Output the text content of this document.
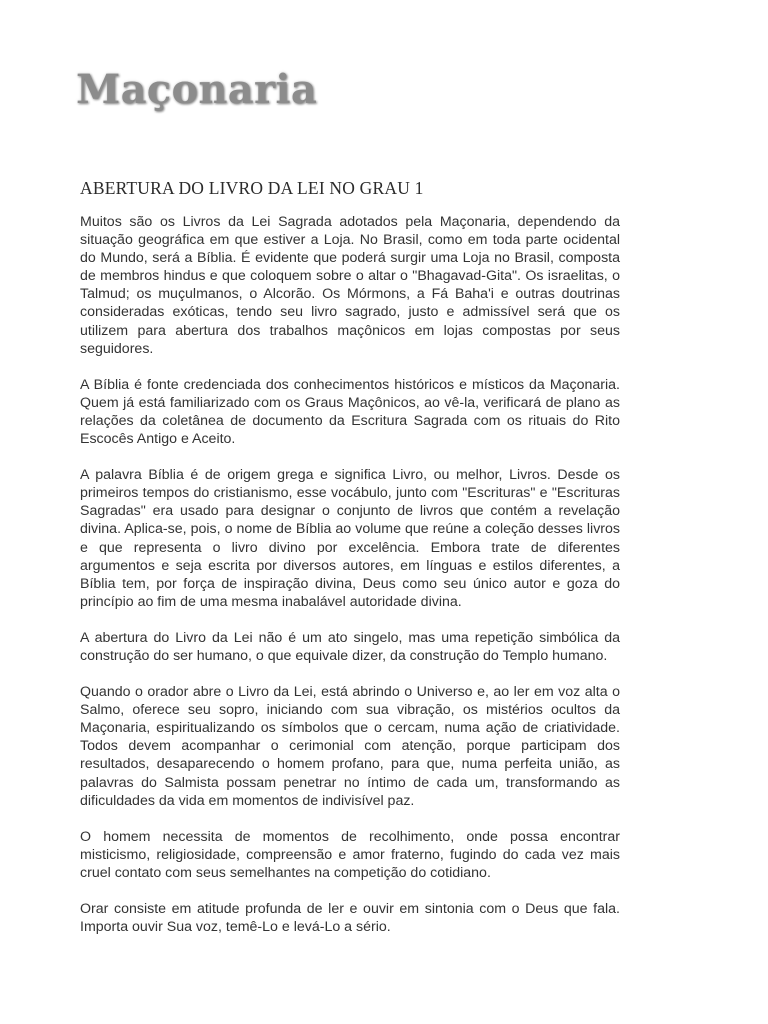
Maçonaria
ABERTURA DO LIVRO DA LEI NO GRAU 1

Muitos são os Livros da Lei Sagrada adotados pela Maçonaria, dependendo da situação geográfica em que estiver a Loja. No Brasil, como em toda parte ocidental do Mundo, será a Bíblia. É evidente que poderá surgir uma Loja no Brasil, composta de membros hindus e que coloquem sobre o altar o "Bhagavad-Gita". Os israelitas, o Talmud; os muçulmanos, o Alcorão. Os Mórmons, a Fá Baha'i e outras doutrinas consideradas exóticas, tendo seu livro sagrado, justo e admissível será que os utilizem para abertura dos trabalhos maçônicos em lojas compostas por seus seguidores.

A Bíblia é fonte credenciada dos conhecimentos históricos e místicos da Maçonaria. Quem já está familiarizado com os Graus Maçônicos, ao vê-la, verificará de plano as relações da coletânea de documento da Escritura Sagrada com os rituais do Rito Escocês Antigo e Aceito.

A palavra Bíblia é de origem grega e significa Livro, ou melhor, Livros. Desde os primeiros tempos do cristianismo, esse vocábulo, junto com "Escrituras" e "Escrituras Sagradas" era usado para designar o conjunto de livros que contém a revelação divina. Aplica-se, pois, o nome de Bíblia ao volume que reúne a coleção desses livros e que representa o livro divino por excelência. Embora trate de diferentes argumentos e seja escrita por diversos autores, em línguas e estilos diferentes, a Bíblia tem, por força de inspiração divina, Deus como seu único autor e goza do princípio ao fim de uma mesma inabalável autoridade divina.

A abertura do Livro da Lei não é um ato singelo, mas uma repetição simbólica da construção do ser humano, o que equivale dizer, da construção do Templo humano.

Quando o orador abre o Livro da Lei, está abrindo o Universo e, ao ler em voz alta o Salmo, oferece seu sopro, iniciando com sua vibração, os mistérios ocultos da Maçonaria, espiritualizando os símbolos que o cercam, numa ação de criatividade. Todos devem acompanhar o cerimonial com atenção, porque participam dos resultados, desaparecendo o homem profano, para que, numa perfeita união, as palavras do Salmista possam penetrar no íntimo de cada um, transformando as dificuldades da vida em momentos de indivisível paz.

O homem necessita de momentos de recolhimento, onde possa encontrar misticismo, religiosidade, compreensão e amor fraterno, fugindo do cada vez mais cruel contato com seus semelhantes na competição do cotidiano.

Orar consiste em atitude profunda de ler e ouvir em sintonia com o Deus que fala. Importa ouvir Sua voz, temê-Lo e levá-Lo a sério.
